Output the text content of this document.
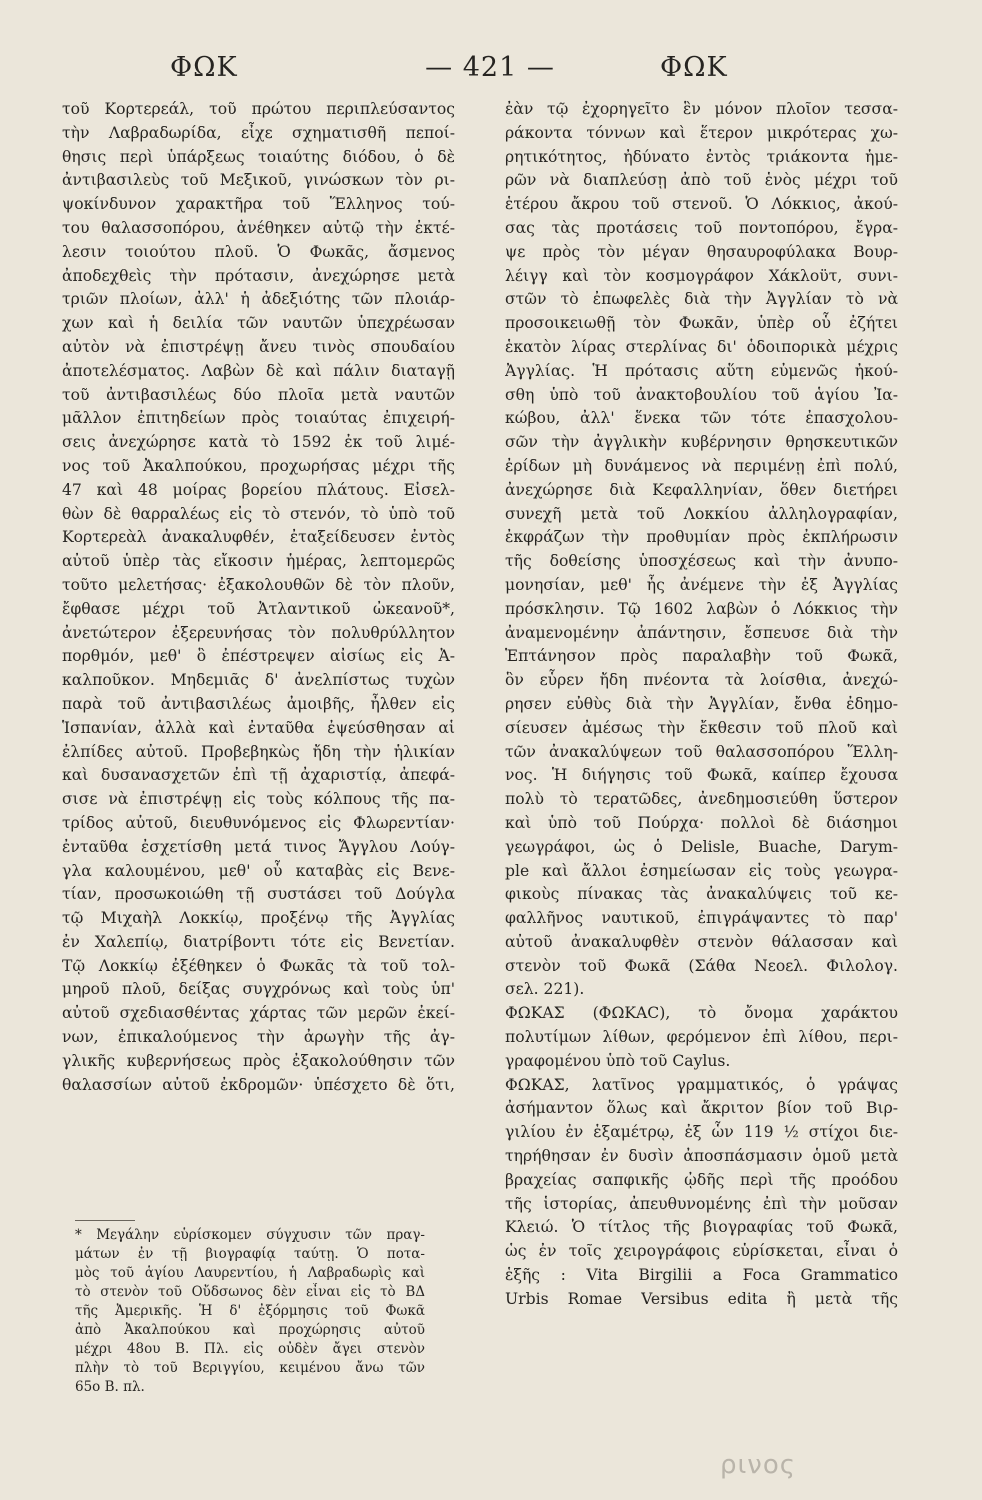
ΦΩΚ	— 421 —	ΦΩΚ
τοῦ Κορτερεάλ, τοῦ πρώτου περιπλεύσαντος
τὴν Λαβραδωρίδα, εἶχε σχηματισθῆ πεποί-
θησις περὶ ὑπάρξεως τοιαύτης διόδου, ὁ δὲ
ἀντιβασιλεὺς τοῦ Μεξικοῦ, γινώσκων τὸν ρι-
ψοκίνδυνον χαρακτῆρα τοῦ Ἕλληνος τού-
του θαλασσοπόρου, ἀνέθηκεν αὐτῷ τὴν ἐκτέ-
λεσιν τοιούτου πλοῦ. Ὁ Φωκᾶς, ἄσμενος
ἀποδεχθεὶς τὴν πρότασιν, ἀνεχώρησε μετὰ
τριῶν πλοίων, ἀλλ' ἡ ἀδεξιότης τῶν πλοιάρ-
χων καὶ ἡ δειλία τῶν ναυτῶν ὑπεχρέωσαν
αὐτὸν νὰ ἐπιστρέψῃ ἄνευ τινὸς σπουδαίου
ἀποτελέσματος. Λαβὼν δὲ καὶ πάλιν διαταγῇ
τοῦ ἀντιβασιλέως δύο πλοῖα μετὰ ναυτῶν
μᾶλλον ἐπιτηδείων πρὸς τοιαύτας ἐπιχειρή-
σεις ἀνεχώρησε κατὰ τὸ 1592 ἐκ τοῦ λιμέ-
νος τοῦ Ἀκαλπούκου, προχωρήσας μέχρι τῆς
47 καὶ 48 μοίρας βορείου πλάτους. Εἰσελ-
θὼν δὲ θαρραλέως εἰς τὸ στενόν, τὸ ὑπὸ τοῦ
Κορτερεὰλ ἀνακαλυφθέν, ἐταξείδευσεν ἐντὸς
αὐτοῦ ὑπὲρ τὰς εἴκοσιν ἡμέρας, λεπτομερῶς
τοῦτο μελετήσας· ἐξακολουθῶν δὲ τὸν πλοῦν,
ἔφθασε μέχρι τοῦ Ἀτλαντικοῦ ὠκεανοῦ*,
ἀνετώτερον ἐξερευνήσας τὸν πολυθρύλλητον
πορθμόν, μεθ' ὃ ἐπέστρεψεν αἰσίως εἰς Ἀ-
καλποῦκον. Μηδεμιᾶς δ' ἀνελπίστως τυχὼν
παρὰ τοῦ ἀντιβασιλέως ἀμοιβῆς, ἦλθεν εἰς
Ἱσπανίαν, ἀλλὰ καὶ ἐνταῦθα ἐψεύσθησαν αἱ
ἐλπίδες αὐτοῦ. Προβεβηκὼς ἤδη τὴν ἡλικίαν
καὶ δυσανασχετῶν ἐπὶ τῇ ἀχαριστίᾳ, ἀπεφά-
σισε νὰ ἐπιστρέψῃ εἰς τοὺς κόλπους τῆς πα-
τρίδος αὐτοῦ, διευθυνόμενος εἰς Φλωρεντίαν·
ἐνταῦθα ἐσχετίσθη μετά τινος Ἄγγλου Λούγ-
γλα καλουμένου, μεθ' οὗ καταβὰς εἰς Βενε-
τίαν, προσωκοιώθη τῇ συστάσει τοῦ Δούγλα
τῷ Μιχαὴλ Λοκκίῳ, προξένῳ τῆς Ἀγγλίας
ἐν Χαλεπίῳ, διατρίβοντι τότε εἰς Βενετίαν.
Τῷ Λοκκίῳ ἐξέθηκεν ὁ Φωκᾶς τὰ τοῦ τολ-
μηροῦ πλοῦ, δείξας συγχρόνως καὶ τοὺς ὑπ'
αὐτοῦ σχεδιασθέντας χάρτας τῶν μερῶν ἐκεί-
νων, ἐπικαλούμενος τὴν ἀρωγὴν τῆς ἀγ-
γλικῆς κυβερνήσεως πρὸς ἐξακολούθησιν τῶν
θαλασσίων αὐτοῦ ἐκδρομῶν· ὑπέσχετο δὲ ὅτι,
* Μεγάλην εὑρίσκομεν σύγχυσιν τῶν πραγ-
μάτων ἐν τῇ βιογραφίᾳ ταύτῃ. Ὁ ποτα-
μὸς τοῦ ἁγίου Λαυρεντίου, ἡ Λαβραδωρὶς καὶ
τὸ στενὸν τοῦ Οὔδσωνος δὲν εἶναι εἰς τὸ ΒΔ
τῆς Ἀμερικῆς. Ἡ δ' ἐξόρμησις τοῦ Φωκᾶ
ἀπὸ Ἀκαλπούκου καὶ προχώρησις αὐτοῦ
μέχρι 48ου Β. Πλ. εἰς οὐδὲν ἄγει στενὸν
πλὴν τὸ τοῦ Βεριγγίου, κειμένου ἄνω τῶν
65ο Β. πλ.
ἐὰν τῷ ἐχορηγεῖτο ἓν μόνον πλοῖον τεσσα-
ράκοντα τόννων καὶ ἕτερον μικρότερας χω-
ρητικότητος, ἠδύνατο ἐντὸς τριάκοντα ἡμε-
ρῶν νὰ διαπλεύσῃ ἀπὸ τοῦ ἑνὸς μέχρι τοῦ
ἑτέρου ἄκρου τοῦ στενοῦ. Ὁ Λόκκιος, ἀκού-
σας τὰς προτάσεις τοῦ ποντοπόρου, ἔγρα-
ψε πρὸς τὸν μέγαν θησαυροφύλακα Βουρ-
λέιγγ καὶ τὸν κοσμογράφον Χάκλοϋτ, συνι-
στῶν τὸ ἐπωφελὲς διὰ τὴν Ἀγγλίαν τὸ νὰ
προσοικειωθῇ τὸν Φωκᾶν, ὑπὲρ οὗ ἐζήτει
ἑκατὸν λίρας στερλίνας δι' ὁδοιπορικὰ μέχρις
Ἀγγλίας. Ἡ πρότασις αὕτη εὐμενῶς ἠκού-
σθη ὑπὸ τοῦ ἀνακτοβουλίου τοῦ ἁγίου Ἰα-
κώβου, ἀλλ' ἕνεκα τῶν τότε ἐπασχολου-
σῶν τὴν ἀγγλικὴν κυβέρνησιν θρησκευτικῶν
ἐρίδων μὴ δυνάμενος νὰ περιμένῃ ἐπὶ πολύ,
ἀνεχώρησε διὰ Κεφαλληνίαν, ὅθεν διετήρει
συνεχῆ μετὰ τοῦ Λοκκίου ἀλληλογραφίαν,
ἐκφράζων τὴν προθυμίαν πρὸς ἐκπλήρωσιν
τῆς δοθείσης ὑποσχέσεως καὶ τὴν ἀνυπο-
μονησίαν, μεθ' ἧς ἀνέμενε τὴν ἐξ Ἀγγλίας
πρόσκλησιν. Τῷ 1602 λαβὼν ὁ Λόκκιος τὴν
ἀναμενομένην ἀπάντησιν, ἔσπευσε διὰ τὴν
Ἑπτάνησον πρὸς παραλαβὴν τοῦ Φωκᾶ,
ὃν εὗρεν ἤδη πνέοντα τὰ λοίσθια, ἀνεχώ-
ρησεν εὐθὺς διὰ τὴν Ἀγγλίαν, ἔνθα ἐδημο-
σίευσεν ἀμέσως τὴν ἔκθεσιν τοῦ πλοῦ καὶ
τῶν ἀνακαλύψεων τοῦ θαλασσοπόρου Ἕλλη-
νος. Ἡ διήγησις τοῦ Φωκᾶ, καίπερ ἔχουσα
πολὺ τὸ τερατῶδες, ἀνεδημοσιεύθη ὕστερον
καὶ ὑπὸ τοῦ Πούρχα· πολλοὶ δὲ διάσημοι
γεωγράφοι, ὡς ὁ Delisle, Buache, Darym-
ple καὶ ἄλλοι ἐσημείωσαν εἰς τοὺς γεωγρα-
φικοὺς πίνακας τὰς ἀνακαλύψεις τοῦ κε-
φαλλῆνος ναυτικοῦ, ἐπιγράψαντες τὸ παρ'
αὐτοῦ ἀνακαλυφθὲν στενὸν θάλασσαν καὶ
στενὸν τοῦ Φωκᾶ (Σάθα Νεοελ. Φιλολογ.
σελ. 221).
ΦΩΚΑΣ (ΦΩΚΑC), τὸ ὄνομα χαράκτου
πολυτίμων λίθων, φερόμενον ἐπὶ λίθου, περι-
γραφομένου ὑπὸ τοῦ Caylus.
ΦΩΚΑΣ, λατῖνος γραμματικός, ὁ γράψας
ἀσήμαντον ὅλως καὶ ἄκριτον βίον τοῦ Βιρ-
γιλίου ἐν ἑξαμέτρῳ, ἐξ ὧν 119 ½ στίχοι διε-
τηρήθησαν ἐν δυσὶν ἀποσπάσμασιν ὁμοῦ μετὰ
βραχείας σαπφικῆς ᾠδῆς περὶ τῆς προόδου
τῆς ἱστορίας, ἀπευθυνομένης ἐπὶ τὴν μοῦσαν
Κλειώ. Ὁ τίτλος τῆς βιογραφίας τοῦ Φωκᾶ,
ὡς ἐν τοῖς χειρογράφοις εὑρίσκεται, εἶναι ὁ
ἑξῆς : Vita Birgilii a Foca Grammatico
Urbis Romae Versibus edita ἢ μετὰ τῆς
ρινος
